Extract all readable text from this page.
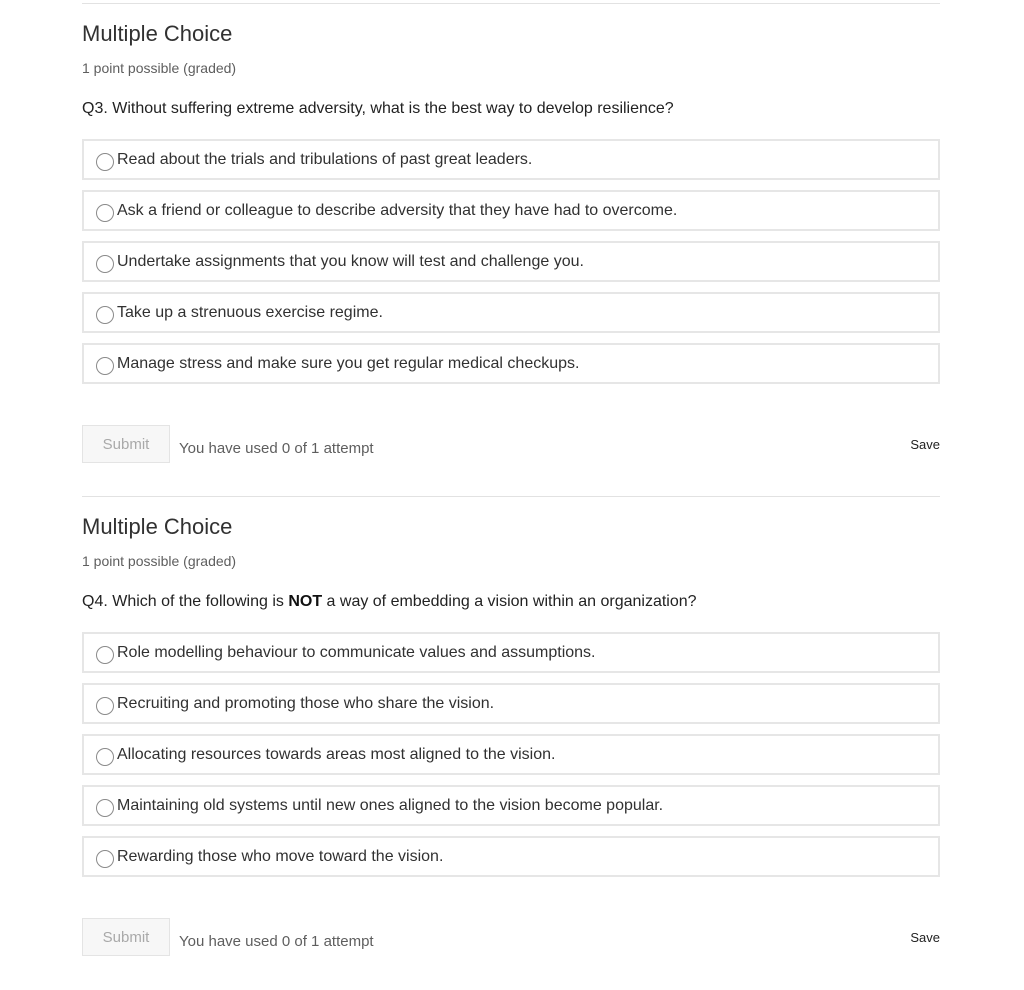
Multiple Choice
1 point possible (graded)
Q3. Without suffering extreme adversity, what is the best way to develop resilience?
Read about the trials and tribulations of past great leaders.
Ask a friend or colleague to describe adversity that they have had to overcome.
Undertake assignments that you know will test and challenge you.
Take up a strenuous exercise regime.
Manage stress and make sure you get regular medical checkups.
Submit	You have used 0 of 1 attempt	Save
Multiple Choice
1 point possible (graded)
Q4. Which of the following is NOT a way of embedding a vision within an organization?
Role modelling behaviour to communicate values and assumptions.
Recruiting and promoting those who share the vision.
Allocating resources towards areas most aligned to the vision.
Maintaining old systems until new ones aligned to the vision become popular.
Rewarding those who move toward the vision.
Submit	You have used 0 of 1 attempt	Save
